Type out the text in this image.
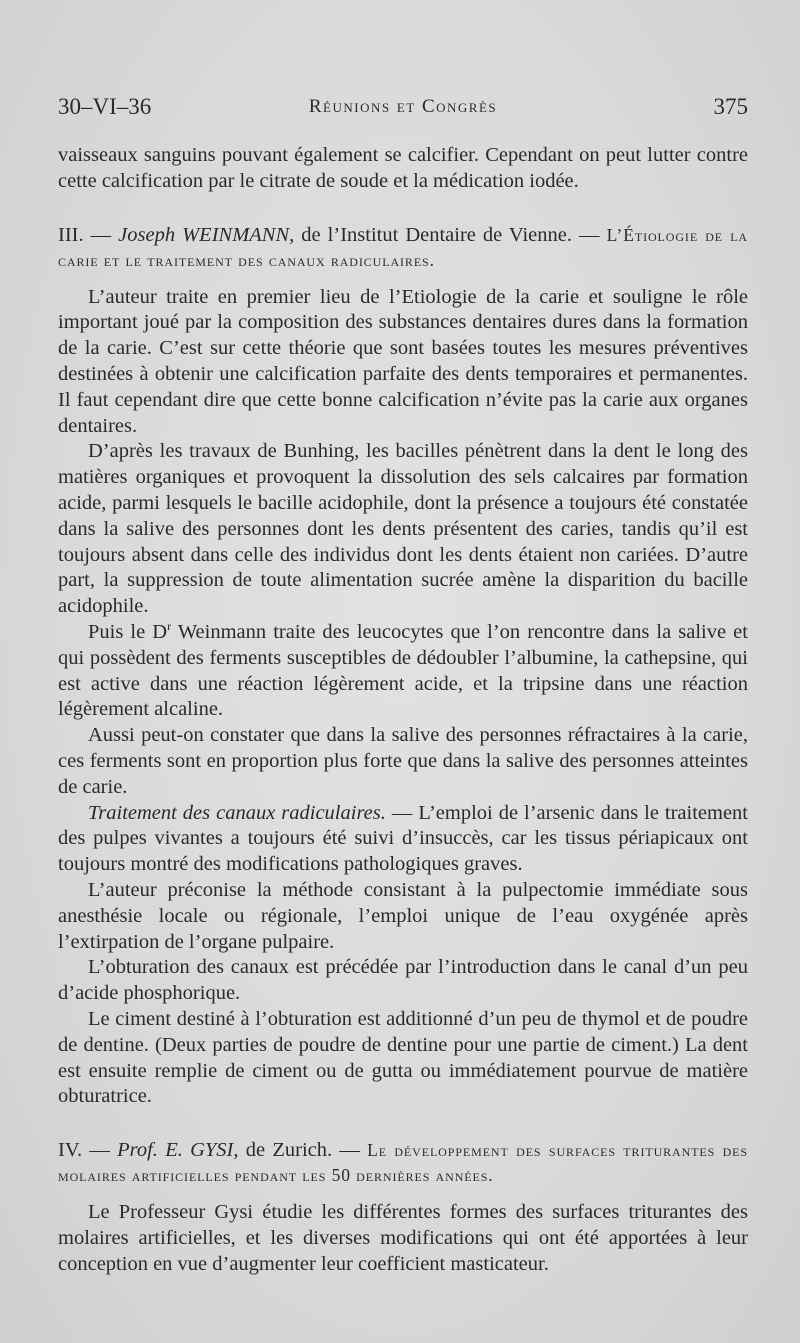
30–VI–36	Réunions et Congrès	375

vaisseaux sanguins pouvant également se calcifier. Cependant on peut lutter contre cette calcification par le citrate de soude et la médication iodée.

III. — Joseph WEINMANN, de l’Institut Dentaire de Vienne. — L’Étiologie de la carie et le traitement des canaux radiculaires.

L’auteur traite en premier lieu de l’Etiologie de la carie et souligne le rôle important joué par la composition des substances dentaires dures dans la formation de la carie. C’est sur cette théorie que sont basées toutes les mesures préventives destinées à obtenir une calcification parfaite des dents temporaires et permanentes. Il faut cependant dire que cette bonne calcification n’évite pas la carie aux organes dentaires.

D’après les travaux de Bunhing, les bacilles pénètrent dans la dent le long des matières organiques et provoquent la dissolution des sels calcaires par formation acide, parmi lesquels le bacille acidophile, dont la présence a toujours été constatée dans la salive des personnes dont les dents présentent des caries, tandis qu’il est toujours absent dans celle des individus dont les dents étaient non cariées. D’autre part, la suppression de toute alimentation sucrée amène la disparition du bacille acidophile.

Puis le $D^r$ Weinmann traite des leucocytes que l’on rencontre dans la salive et qui possèdent des ferments susceptibles de dédoubler l’albumine, la cathepsine, qui est active dans une réaction légèrement acide, et la tripsine dans une réaction légèrement alcaline.

Aussi peut-on constater que dans la salive des personnes réfractaires à la carie, ces ferments sont en proportion plus forte que dans la salive des personnes atteintes de carie.

Traitement des canaux radiculaires. — L’emploi de l’arsenic dans le traitement des pulpes vivantes a toujours été suivi d’insuccès, car les tissus périapicaux ont toujours montré des modifications pathologiques graves.

L’auteur préconise la méthode consistant à la pulpectomie immédiate sous anesthésie locale ou régionale, l’emploi unique de l’eau oxygénée après l’extirpation de l’organe pulpaire.

L’obturation des canaux est précédée par l’introduction dans le canal d’un peu d’acide phosphorique.

Le ciment destiné à l’obturation est additionné d’un peu de thymol et de poudre de dentine. (Deux parties de poudre de dentine pour une partie de ciment.) La dent est ensuite remplie de ciment ou de gutta ou immédiatement pourvue de matière obturatrice.

IV. — Prof. E. GYSI, de Zurich. — Le développement des surfaces triturantes des molaires artificielles pendant les 50 dernières années.

Le Professeur Gysi étudie les différentes formes des surfaces triturantes des molaires artificielles, et les diverses modifications qui ont été apportées à leur conception en vue d’augmenter leur coefficient masticateur.
